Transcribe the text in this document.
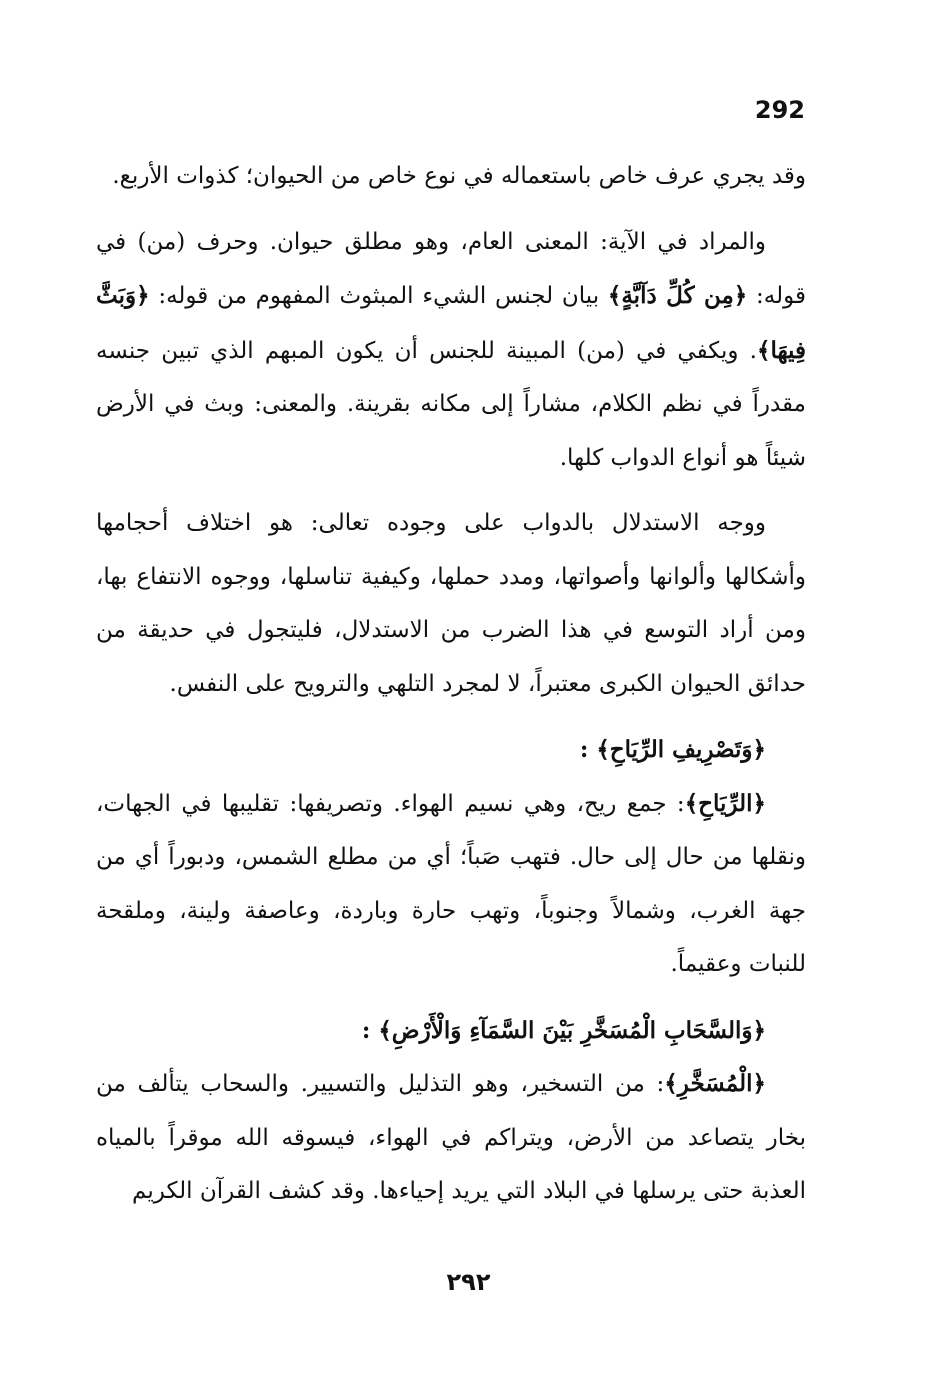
292

وقد يجري عرف خاص باستعماله في نوع خاص من الحيوان؛ كذوات الأربع.

والمراد في الآية: المعنى العام، وهو مطلق حيوان. وحرف (من) في قوله: ﴿مِن كُلِّ دَآبَّةٍ﴾ بيان لجنس الشيء المبثوث المفهوم من قوله: ﴿وَبَثَّ فِيهَا﴾. ويكفي في (من) المبينة للجنس أن يكون المبهم الذي تبين جنسه مقدراً في نظم الكلام، مشاراً إلى مكانه بقرينة. والمعنى: وبث في الأرض شيئاً هو أنواع الدواب كلها.

ووجه الاستدلال بالدواب على وجوده تعالى: هو اختلاف أحجامها وأشكالها وألوانها وأصواتها، ومدد حملها، وكيفية تناسلها، ووجوه الانتفاع بها، ومن أراد التوسع في هذا الضرب من الاستدلال، فليتجول في حديقة من حدائق الحيوان الكبرى معتبراً، لا لمجرد التلهي والترويح على النفس.

﴿وَتَصْرِيفِ الرِّيَاحِ﴾ :

﴿الرِّيَاحِ﴾: جمع ريح، وهي نسيم الهواء. وتصريفها: تقليبها في الجهات، ونقلها من حال إلى حال. فتهب صَباً؛ أي من مطلع الشمس، ودبوراً أي من جهة الغرب، وشمالاً وجنوباً، وتهب حارة وباردة، وعاصفة ولينة، وملقحة للنبات وعقيماً.

﴿وَالسَّحَابِ الْمُسَخَّرِ بَيْنَ السَّمَآءِ وَالْأَرْضِ﴾ :

﴿الْمُسَخَّرِ﴾: من التسخير، وهو التذليل والتسيير. والسحاب يتألف من بخار يتصاعد من الأرض، ويتراكم في الهواء، فيسوقه الله موقراً بالمياه العذبة حتى يرسلها في البلاد التي يريد إحياءها. وقد كشف القرآن الكريم

٢٩٢
